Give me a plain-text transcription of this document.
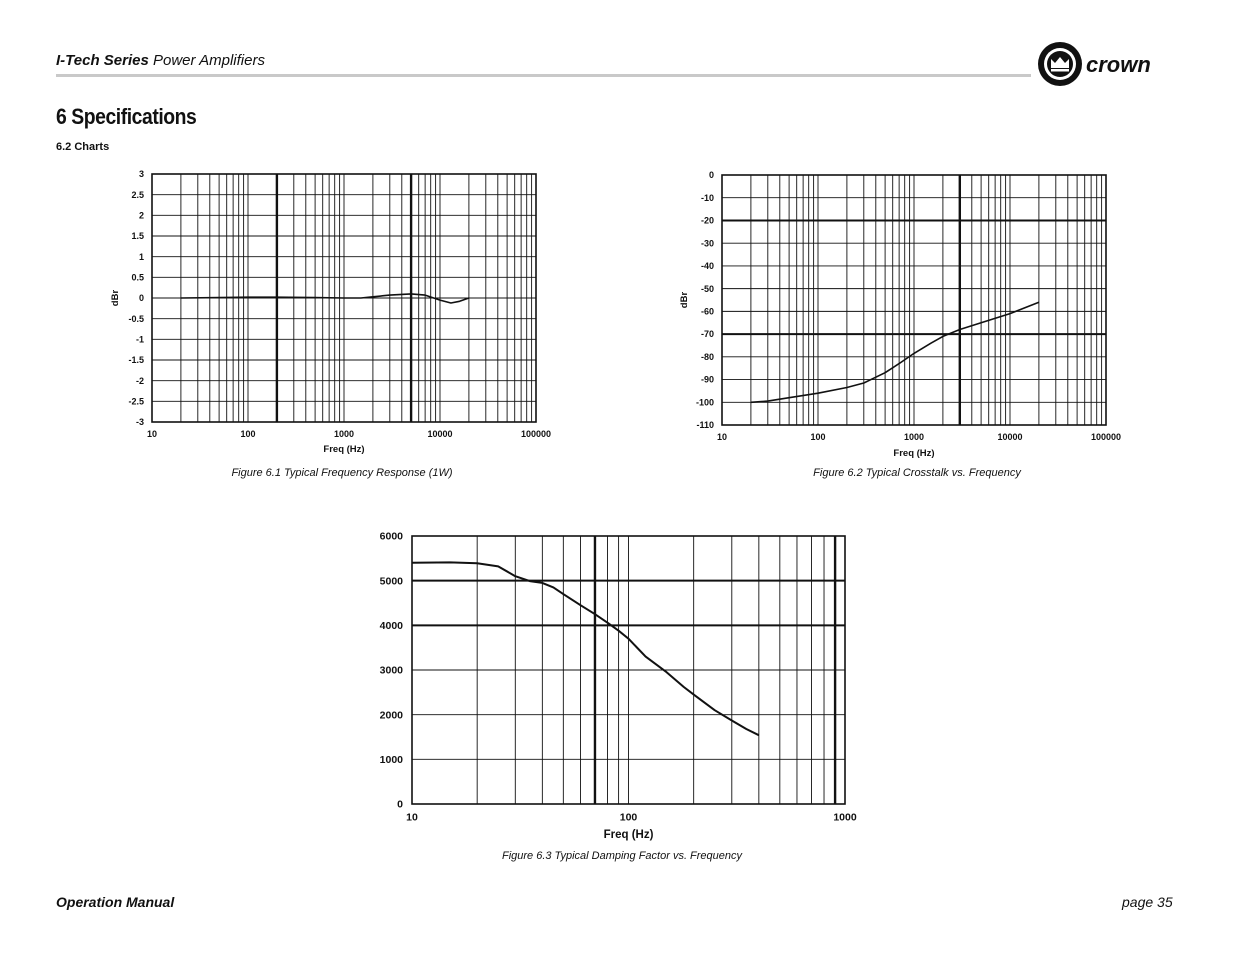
I-Tech Series Power Amplifiers	crown
6 Specifications
6.2 Charts
3
2.5
2
1.5
1
0.5
0
-0.5
-1
-1.5
-2
-2.5
-3
10	100	1000	10000	100000
Freq (Hz)
dBr
0
-10
-20
-30
-40
-50
-60
-70
-80
-90
-100
-110
10	100	1000	10000	100000
Freq (Hz)
dBr
6000
5000
4000
3000
2000
1000
0
10	100	1000
Freq (Hz)
Figure 6.1 Typical Frequency Response (1W)	Figure 6.2 Typical Crosstalk vs. Frequency
Figure 6.3 Typical Damping Factor vs. Frequency
Operation Manual	page 35
